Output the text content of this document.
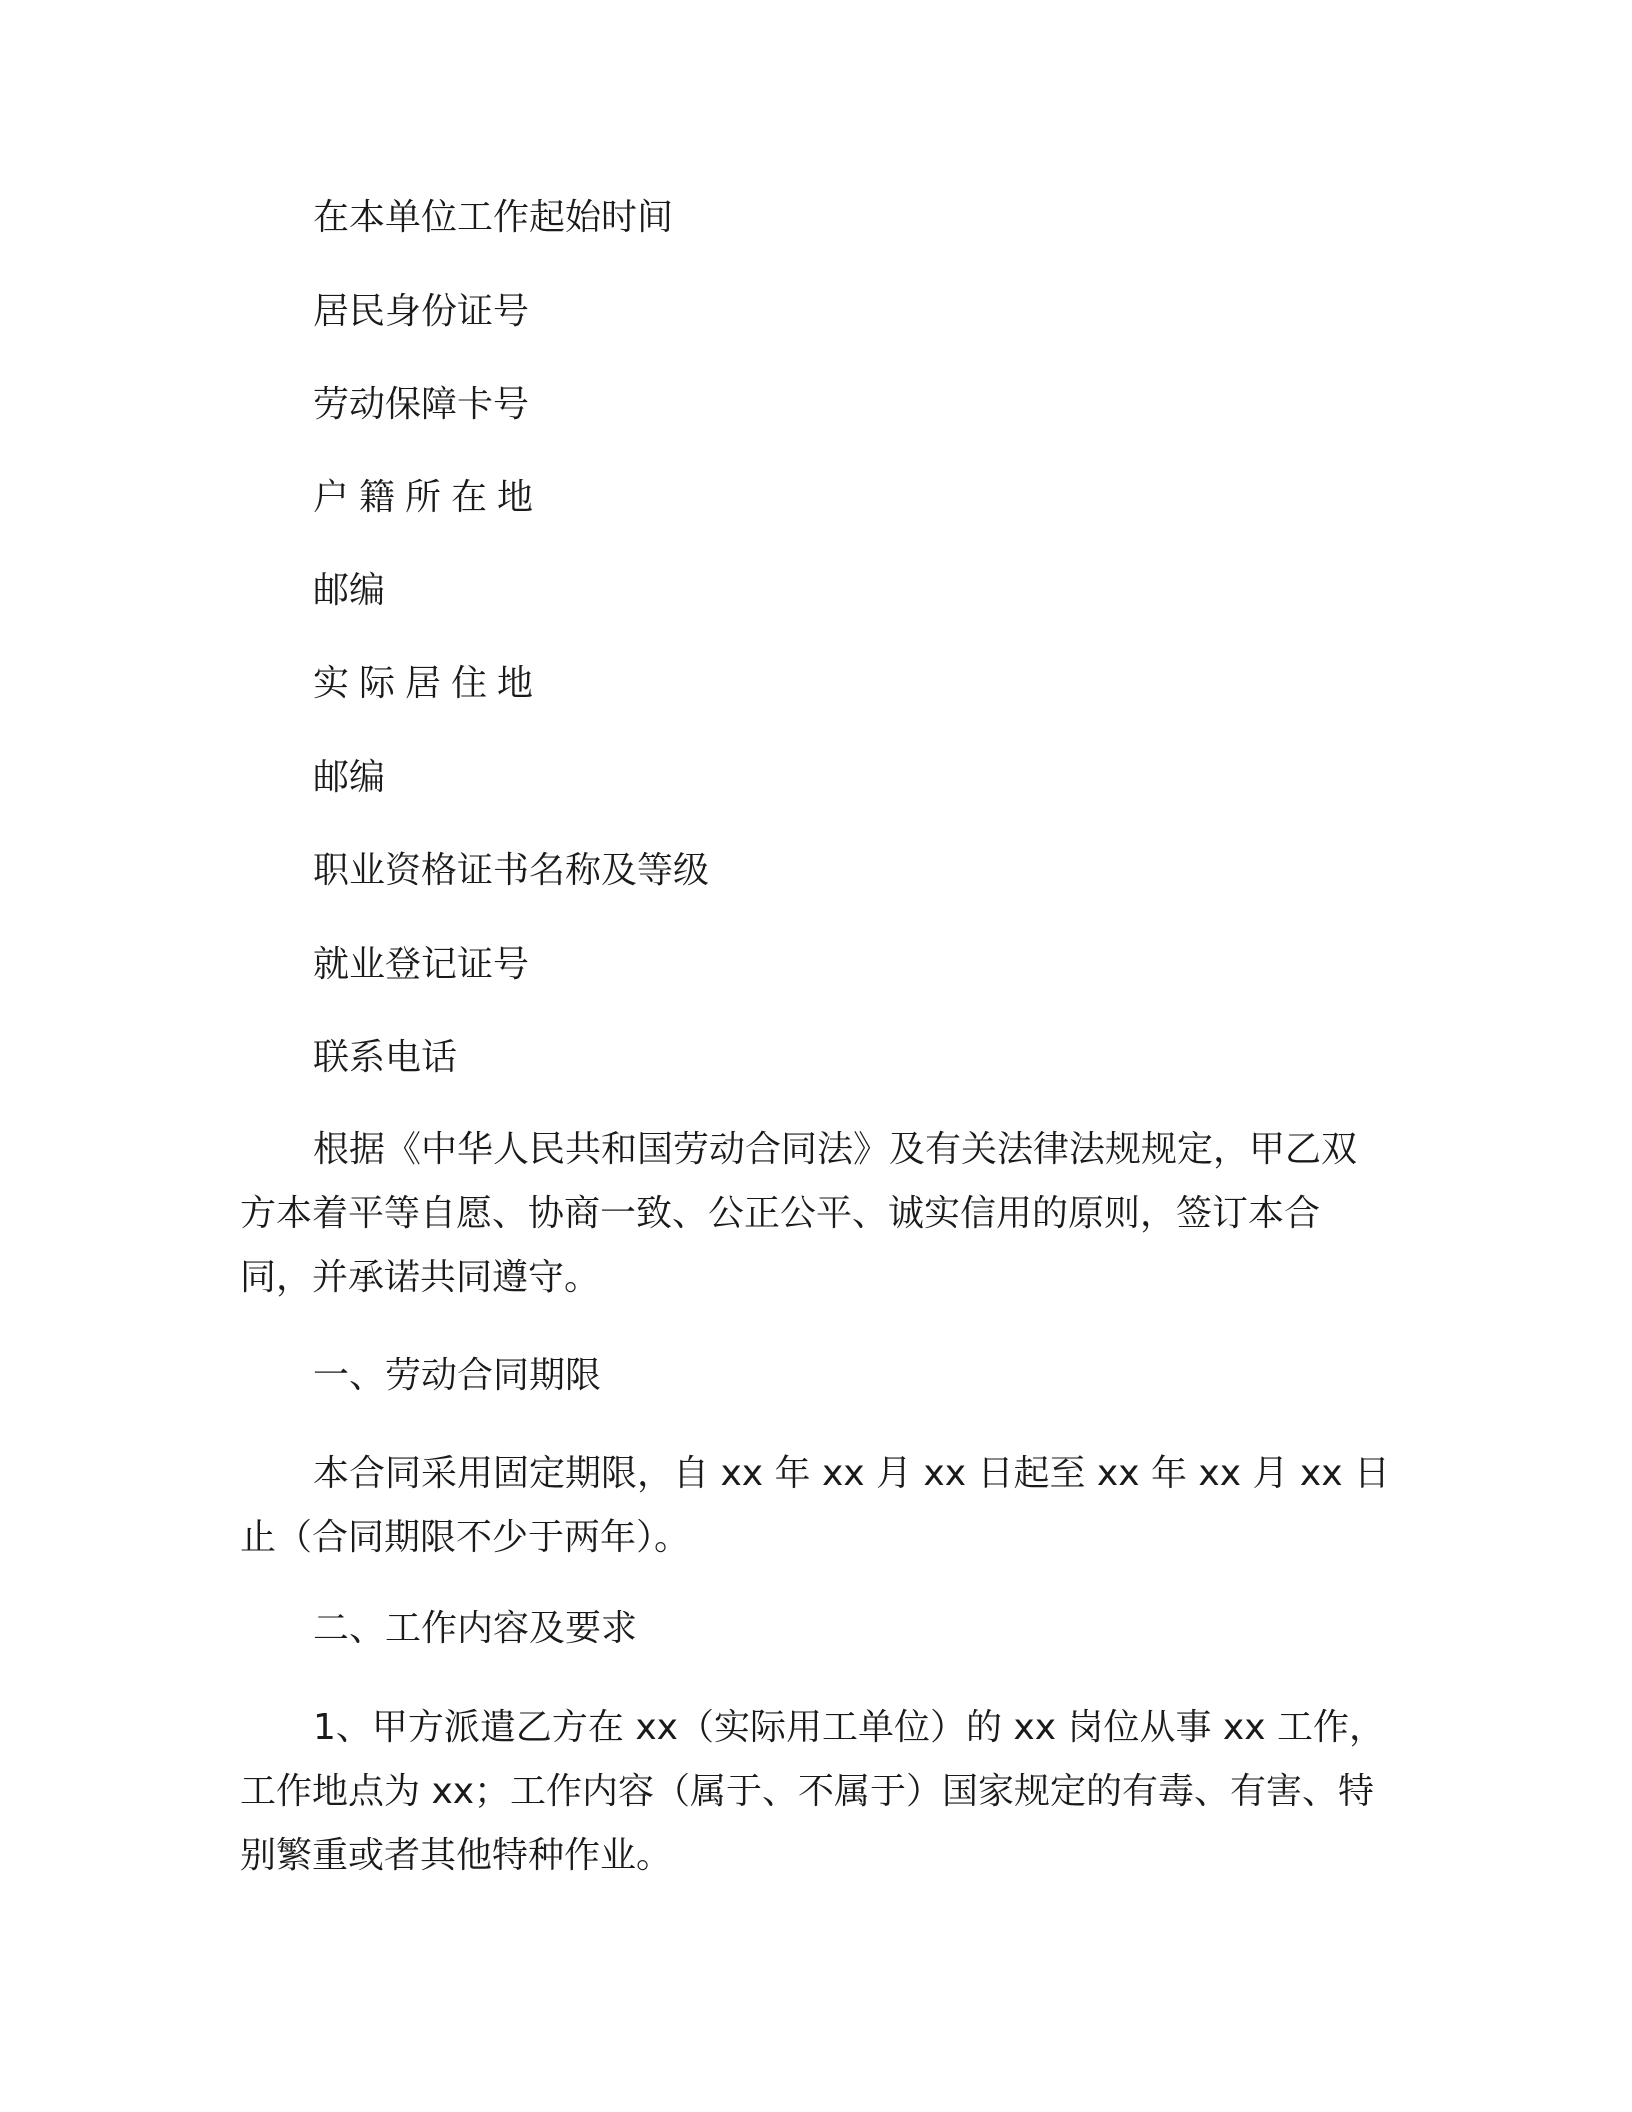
在本单位工作起始时间

居民身份证号

劳动保障卡号

户籍所在地

邮编

实际居住地

邮编

职业资格证书名称及等级

就业登记证号

联系电话

根据《中华人民共和国劳动合同法》及有关法律法规规定，甲乙双方本着平等自愿、协商一致、公正公平、诚实信用的原则，签订本合同，并承诺共同遵守。

一、劳动合同期限

本合同采用固定期限，自 xx 年 xx 月 xx 日起至 xx 年 xx 月 xx 日止（合同期限不少于两年）。

二、工作内容及要求

1、甲方派遣乙方在 xx（实际用工单位）的 xx 岗位从事 xx 工作，工作地点为 xx；工作内容（属于、不属于）国家规定的有毒、有害、特别繁重或者其他特种作业。
